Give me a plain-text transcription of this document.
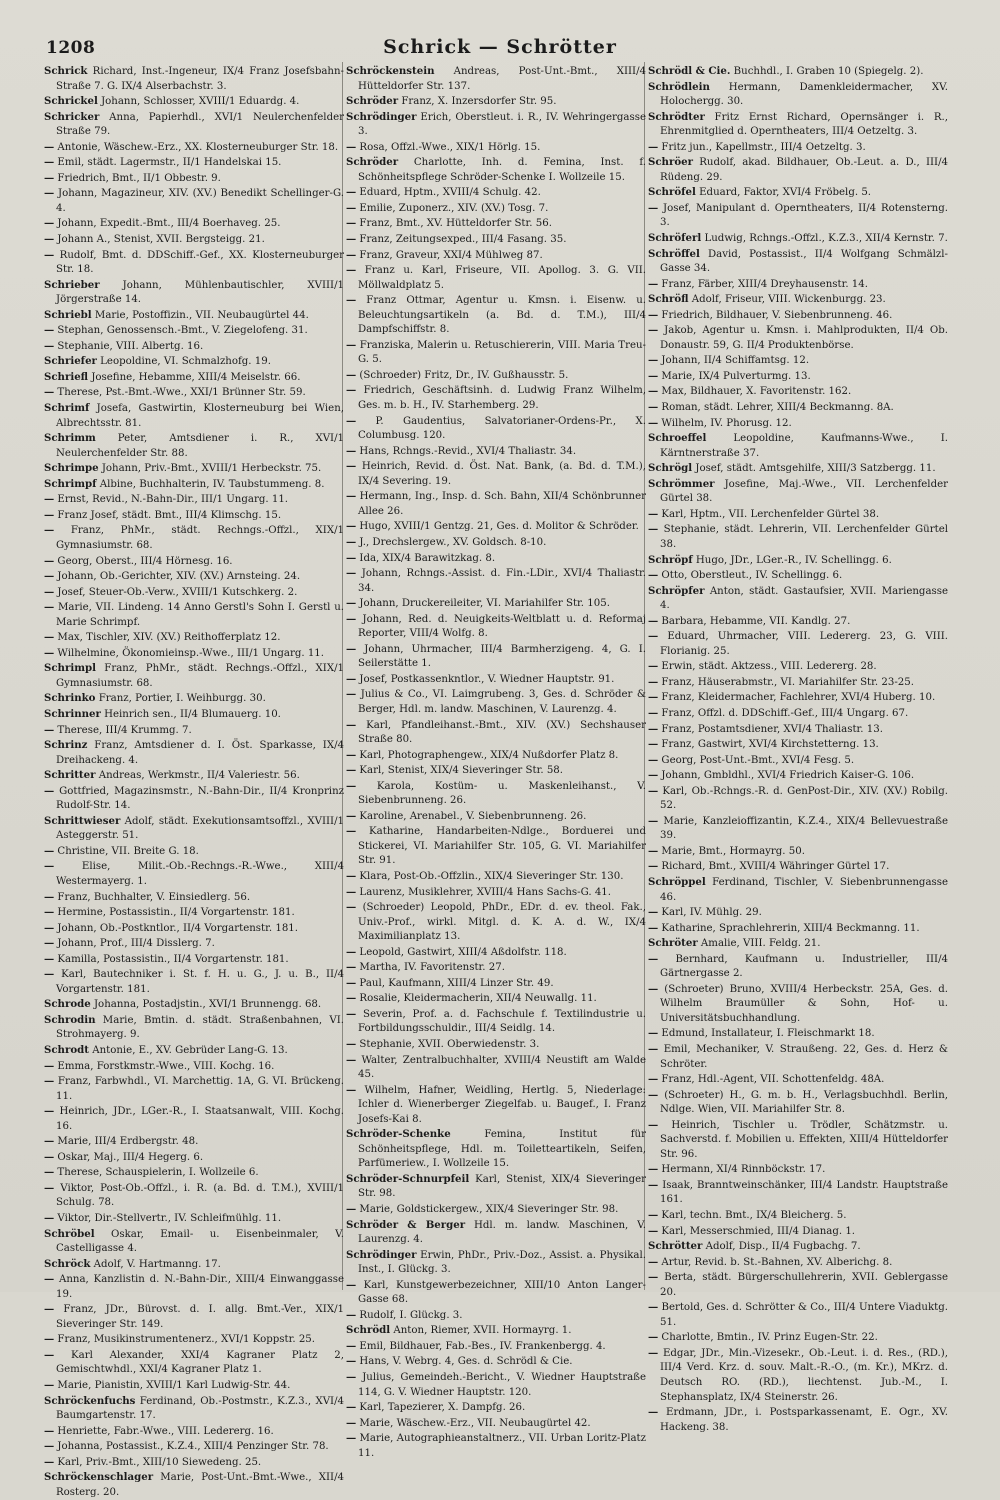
1208	Schrick — Schrötter

Schrick Richard, Inst.-Ingeneur, IX/4 Franz Josefsbahn-Straße 7. G. IX/4 Alserbachstr. 3.

Schrickel Johann, Schlosser, XVIII/1 Eduardg. 4.

Schricker Anna, Papierhdl., XVI/1 Neulerchenfelder Straße 79.

— Antonie, Wäschew.-Erz., XX. Klosterneuburger Str. 18.

— Emil, städt. Lagermstr., II/1 Handelskai 15.

— Friedrich, Bmt., II/1 Obbestr. 9.

— Johann, Magazineur, XIV. (XV.) Benedikt Schellinger-G. 4.

— Johann, Expedit.-Bmt., III/4 Boerhaveg. 25.

— Johann A., Stenist, XVII. Bergsteigg. 21.

— Rudolf, Bmt. d. DDSchiff.-Gef., XX. Klosterneuburger Str. 18.

Schrieber Johann, Mühlenbautischler, XVIII/1 Jörgerstraße 14.

Schriebl Marie, Postoffizin., VII. Neubaugürtel 44.

— Stephan, Genossensch.-Bmt., V. Ziegelofeng. 31.

— Stephanie, VIII. Albertg. 16.

Schriefer Leopoldine, VI. Schmalzhofg. 19.

Schriefl Josefine, Hebamme, XIII/4 Meiselstr. 66.

— Therese, Pst.-Bmt.-Wwe., XXI/1 Brünner Str. 59.

Schrimf Josefa, Gastwirtin, Klosterneuburg bei Wien, Albrechtsstr. 81.

Schrimm Peter, Amtsdiener i. R., XVI/1 Neulerchenfelder Str. 88.

Schrimpe Johann, Priv.-Bmt., XVIII/1 Herbeckstr. 75.

Schrimpf Albine, Buchhalterin, IV. Taubstummeng. 8.

— Ernst, Revid., N.-Bahn-Dir., III/1 Ungarg. 11.

— Franz Josef, städt. Bmt., III/4 Klimschg. 15.

— Franz, PhMr., städt. Rechngs.-Offzl., XIX/1 Gymnasiumstr. 68.

— Georg, Oberst., III/4 Hörnesg. 16.

— Johann, Ob.-Gerichter, XIV. (XV.) Arnsteing. 24.

— Josef, Steuer-Ob.-Verw., XVIII/1 Kutschkerg. 2.

— Marie, VII. Lindeng. 14 Anno Gerstl's Sohn I. Gerstl u. Marie Schrimpf.

— Max, Tischler, XIV. (XV.) Reithofferplatz 12.

— Wilhelmine, Ökonomieinsp.-Wwe., III/1 Ungarg. 11.

Schrimpl Franz, PhMr., städt. Rechngs.-Offzl., XIX/1 Gymnasiumstr. 68.

Schrinko Franz, Portier, I. Weihburgg. 30.

Schrinner Heinrich sen., II/4 Blumauerg. 10.

— Therese, III/4 Krummg. 7.

Schrinz Franz, Amtsdiener d. I. Öst. Sparkasse, IX/4 Dreihackeng. 4.

Schritter Andreas, Werkmstr., II/4 Valeriestr. 56.

— Gottfried, Magazinsmstr., N.-Bahn-Dir., II/4 Kronprinz Rudolf-Str. 14.

Schrittwieser Adolf, städt. Exekutionsamtsoffzl., XVIII/1 Asteggerstr. 51.

— Christine, VII. Breite G. 18.

— Elise, Milit.-Ob.-Rechngs.-R.-Wwe., XIII/4 Westermayerg. 1.

— Franz, Buchhalter, V. Einsiedlerg. 56.

— Hermine, Postassistin., II/4 Vorgartenstr. 181.

— Johann, Ob.-Postkntlor., II/4 Vorgartenstr. 181.

— Johann, Prof., III/4 Disslerg. 7.

— Kamilla, Postassistin., II/4 Vorgartenstr. 181.

— Karl, Bautechniker i. St. f. H. u. G., J. u. B., II/4 Vorgartenstr. 181.

Schrode Johanna, Postadjstin., XVI/1 Brunnengg. 68.

Schrodin Marie, Bmtin. d. städt. Straßenbahnen, VI. Strohmayerg. 9.

Schrodt Antonie, E., XV. Gebrüder Lang-G. 13.

— Emma, Forstkmstr.-Wwe., VIII. Kochg. 16.

— Franz, Farbwhdl., VI. Marchettig. 1A, G. VI. Brückeng. 11.

— Heinrich, JDr., LGer.-R., I. Staatsanwalt, VIII. Kochg. 16.

— Marie, III/4 Erdbergstr. 48.

— Oskar, Maj., III/4 Hegerg. 6.

— Therese, Schauspielerin, I. Wollzeile 6.

— Viktor, Post-Ob.-Offzl., i. R. (a. Bd. d. T.M.), XVIII/1 Schulg. 78.

— Viktor, Dir.-Stellvertr., IV. Schleifmühlg. 11.

Schröbel Oskar, Email- u. Eisenbeinmaler, V. Castelligasse 4.

Schröck Adolf, V. Hartmanng. 17.

— Anna, Kanzlistin d. N.-Bahn-Dir., XIII/4 Einwanggasse 19.

— Franz, JDr., Bürovst. d. I. allg. Bmt.-Ver., XIX/1 Sieveringer Str. 149.

— Franz, Musikinstrumentenerz., XVI/1 Koppstr. 25.

— Karl Alexander, XXI/4 Kagraner Platz 2, Gemischtwhdl., XXI/4 Kagraner Platz 1.

— Marie, Pianistin, XVIII/1 Karl Ludwig-Str. 44.

Schröckenfuchs Ferdinand, Ob.-Postmstr., K.Z.3., XVI/4 Baumgartenstr. 17.

— Henriette, Fabr.-Wwe., VIII. Ledererg. 16.

— Johanna, Postassist., K.Z.4., XIII/4 Penzinger Str. 78.

— Karl, Priv.-Bmt., XIII/10 Siewedeng. 25.

Schröckenschlager Marie, Post-Unt.-Bmt.-Wwe., XII/4 Rosterg. 20.

Schröckenstein Andreas, Post-Unt.-Bmt., XIII/4 Hütteldorfer Str. 137.

Schröder Franz, X. Inzersdorfer Str. 95.

Schrödinger Erich, Oberstleut. i. R., IV. Wehringergasse 3.

— Rosa, Offzl.-Wwe., XIX/1 Hörlg. 15.

Schröder Charlotte, Inh. d. Femina, Inst. f. Schönheitspflege Schröder-Schenke I. Wollzeile 15.

— Eduard, Hptm., XVIII/4 Schulg. 42.

— Emilie, Zuponerz., XIV. (XV.) Tosg. 7.

— Franz, Bmt., XV. Hütteldorfer Str. 56.

— Franz, Zeitungsexped., III/4 Fasang. 35.

— Franz, Graveur, XXI/4 Mühlweg 87.

— Franz u. Karl, Friseure, VII. Apollog. 3. G. VII. Möllwaldplatz 5.

— Franz Ottmar, Agentur u. Kmsn. i. Eisenw. u. Beleuchtungsartikeln (a. Bd. d. T.M.), III/4 Dampfschiffstr. 8.

— Franziska, Malerin u. Retuschiererin, VIII. Maria Treu-G. 5.

— (Schroeder) Fritz, Dr., IV. Gußhausstr. 5.

— Friedrich, Geschäftsinh. d. Ludwig Franz Wilhelm, Ges. m. b. H., IV. Starhemberg. 29.

— P. Gaudentius, Salvatorianer-Ordens-Pr., X. Columbusg. 120.

— Hans, Rchngs.-Revid., XVI/4 Thaliastr. 34.

— Heinrich, Revid. d. Öst. Nat. Bank, (a. Bd. d. T.M.), IX/4 Severing. 19.

— Hermann, Ing., Insp. d. Sch. Bahn, XII/4 Schönbrunner Allee 26.

— Hugo, XVIII/1 Gentzg. 21, Ges. d. Molitor & Schröder.

— J., Drechslergew., XV. Goldsch. 8-10.

— Ida, XIX/4 Barawitzkag. 8.

— Johann, Rchngs.-Assist. d. Fin.-LDir., XVI/4 Thaliastr. 34.

— Johann, Druckereileiter, VI. Mariahilfer Str. 105.

— Johann, Red. d. Neuigkeits-Weltblatt u. d. Reformaj Reporter, VIII/4 Wolfg. 8.

— Johann, Uhrmacher, III/4 Barmherzigeng. 4, G. I. Seilerstätte 1.

— Josef, Postkassenkntlor., V. Wiedner Hauptstr. 91.

— Julius & Co., VI. Laimgrubeng. 3, Ges. d. Schröder & Berger, Hdl. m. landw. Maschinen, V. Laurenzg. 4.

— Karl, Pfandleihanst.-Bmt., XIV. (XV.) Sechshauser Straße 80.

— Karl, Photographengew., XIX/4 Nußdorfer Platz 8.

— Karl, Stenist, XIX/4 Sieveringer Str. 58.

— Karola, Kostüm- u. Maskenleihanst., V. Siebenbrunneng. 26.

— Karoline, Arenabel., V. Siebenbrunneng. 26.

— Katharine, Handarbeiten-Ndlge., Borduerei und Stickerei, VI. Mariahilfer Str. 105, G. VI. Mariahilfer Str. 91.

— Klara, Post-Ob.-Offzlin., XIX/4 Sieveringer Str. 130.

— Laurenz, Musiklehrer, XVIII/4 Hans Sachs-G. 41.

— (Schroeder) Leopold, PhDr., EDr. d. ev. theol. Fak., Univ.-Prof., wirkl. Mitgl. d. K. A. d. W., IX/4 Maximilianplatz 13.

— Leopold, Gastwirt, XIII/4 Aßdolfstr. 118.

— Martha, IV. Favoritenstr. 27.

— Paul, Kaufmann, XIII/4 Linzer Str. 49.

— Rosalie, Kleidermacherin, XII/4 Neuwallg. 11.

— Severin, Prof. a. d. Fachschule f. Textilindustrie u. Fortbildungsschuldir., III/4 Seidlg. 14.

— Stephanie, XVII. Oberwiedenstr. 3.

— Walter, Zentralbuchhalter, XVIII/4 Neustift am Walde 45.

— Wilhelm, Hafner, Weidling, Hertlg. 5, Niederlage: Ichler d. Wienerberger Ziegelfab. u. Baugef., I. Franz Josefs-Kai 8.

Schröder-Schenke Femina, Institut für Schönheitspflege, Hdl. m. Toiletteartikeln, Seifen, Parfümeriew., I. Wollzeile 15.

Schröder-Schnurpfeil Karl, Stenist, XIX/4 Sieveringer Str. 98.

— Marie, Goldstickergew., XIX/4 Sieveringer Str. 98.

Schröder & Berger Hdl. m. landw. Maschinen, V. Laurenzg. 4.

Schrödinger Erwin, PhDr., Priv.-Doz., Assist. a. Physikal. Inst., I. Glückg. 3.

— Karl, Kunstgewerbezeichner, XIII/10 Anton Langer-Gasse 68.

— Rudolf, I. Glückg. 3.

Schrödl Anton, Riemer, XVII. Hormayrg. 1.

— Emil, Bildhauer, Fab.-Bes., IV. Frankenbergg. 4.

— Hans, V. Webrg. 4, Ges. d. Schrödl & Cie.

— Julius, Gemeindeh.-Bericht., V. Wiedner Hauptstraße 114, G. V. Wiedner Hauptstr. 120.

— Karl, Tapezierer, X. Dampfg. 26.

— Marie, Wäschew.-Erz., VII. Neubaugürtel 42.

— Marie, Autographieanstaltnerz., VII. Urban Loritz-Platz 11.

Schrödl & Cie. Buchhdl., I. Graben 10 (Spiegelg. 2).

Schrödlein Hermann, Damenkleidermacher, XV. Holochergg. 30.

Schrödter Fritz Ernst Richard, Opernsänger i. R., Ehrenmitglied d. Operntheaters, III/4 Oetzeltg. 3.

— Fritz jun., Kapellmstr., III/4 Oetzeltg. 3.

Schröer Rudolf, akad. Bildhauer, Ob.-Leut. a. D., III/4 Rüdeng. 29.

Schröfel Eduard, Faktor, XVI/4 Fröbelg. 5.

— Josef, Manipulant d. Operntheaters, II/4 Rotensterng. 3.

Schröferl Ludwig, Rchngs.-Offzl., K.Z.3., XII/4 Kernstr. 7.

Schröffel David, Postassist., II/4 Wolfgang Schmälzl-Gasse 34.

— Franz, Färber, XIII/4 Dreyhausenstr. 14.

Schröfl Adolf, Friseur, VIII. Wickenburgg. 23.

— Friedrich, Bildhauer, V. Siebenbrunneng. 46.

— Jakob, Agentur u. Kmsn. i. Mahlprodukten, II/4 Ob. Donaustr. 59, G. II/4 Produktenbörse.

— Johann, II/4 Schiffamtsg. 12.

— Marie, IX/4 Pulverturmg. 13.

— Max, Bildhauer, X. Favoritenstr. 162.

— Roman, städt. Lehrer, XIII/4 Beckmanng. 8A.

— Wilhelm, IV. Phorusg. 12.

Schroeffel Leopoldine, Kaufmanns-Wwe., I. Kärntnerstraße 37.

Schrögl Josef, städt. Amtsgehilfe, XIII/3 Satzbergg. 11.

Schrömmer Josefine, Maj.-Wwe., VII. Lerchenfelder Gürtel 38.

— Karl, Hptm., VII. Lerchenfelder Gürtel 38.

— Stephanie, städt. Lehrerin, VII. Lerchenfelder Gürtel 38.

Schröpf Hugo, JDr., LGer.-R., IV. Schellingg. 6.

— Otto, Oberstleut., IV. Schellingg. 6.

Schröpfer Anton, städt. Gastaufsier, XVII. Mariengasse 4.

— Barbara, Hebamme, VII. Kandlg. 27.

— Eduard, Uhrmacher, VIII. Ledererg. 23, G. VIII. Florianig. 25.

— Erwin, städt. Aktzess., VIII. Ledererg. 28.

— Franz, Häuserabmstr., VI. Mariahilfer Str. 23-25.

— Franz, Kleidermacher, Fachlehrer, XVI/4 Huberg. 10.

— Franz, Offzl. d. DDSchiff.-Gef., III/4 Ungarg. 67.

— Franz, Postamtsdiener, XVI/4 Thaliastr. 13.

— Franz, Gastwirt, XVI/4 Kirchstetterng. 13.

— Georg, Post-Unt.-Bmt., XVI/4 Fesg. 5.

— Johann, Gmbldhl., XVI/4 Friedrich Kaiser-G. 106.

— Karl, Ob.-Rchngs.-R. d. GenPost-Dir., XIV. (XV.) Robilg. 52.

— Marie, Kanzleioffizantin, K.Z.4., XIX/4 Bellevuestraße 39.

— Marie, Bmt., Hormayrg. 50.

— Richard, Bmt., XVIII/4 Währinger Gürtel 17.

Schröppel Ferdinand, Tischler, V. Siebenbrunnengasse 46.

— Karl, IV. Mühlg. 29.

— Katharine, Sprachlehrerin, XIII/4 Beckmanng. 11.

Schröter Amalie, VIII. Feldg. 21.

— Bernhard, Kaufmann u. Industrieller, III/4 Gärtnergasse 2.

— (Schroeter) Bruno, XVIII/4 Herbeckstr. 25A, Ges. d. Wilhelm Braumüller & Sohn, Hof- u. Universitätsbuchhandlung.

— Edmund, Installateur, I. Fleischmarkt 18.

— Emil, Mechaniker, V. Straußeng. 22, Ges. d. Herz & Schröter.

— Franz, Hdl.-Agent, VII. Schottenfeldg. 48A.

— (Schroeter) H., G. m. b. H., Verlagsbuchhdl. Berlin, Ndlge. Wien, VII. Mariahilfer Str. 8.

— Heinrich, Tischler u. Trödler, Schätzmstr. u. Sachverstd. f. Mobilien u. Effekten, XIII/4 Hütteldorfer Str. 96.

— Hermann, XI/4 Rinnböckstr. 17.

— Isaak, Branntweinschänker, III/4 Landstr. Hauptstraße 161.

— Karl, techn. Bmt., IX/4 Bleicherg. 5.

— Karl, Messerschmied, III/4 Dianag. 1.

Schrötter Adolf, Disp., II/4 Fugbachg. 7.

— Artur, Revid. b. St.-Bahnen, XV. Alberichg. 8.

— Berta, städt. Bürgerschullehrerin, XVII. Geblergasse 20.

— Bertold, Ges. d. Schrötter & Co., III/4 Untere Viaduktg. 51.

— Charlotte, Bmtin., IV. Prinz Eugen-Str. 22.

— Edgar, JDr., Min.-Vizesekr., Ob.-Leut. i. d. Res., (RD.), III/4 Verd. Krz. d. souv. Malt.-R.-O., (m. Kr.), MKrz. d. Deutsch RO. (RD.), liechtenst. Jub.-M., I. Stephansplatz, IX/4 Steinerstr. 26.

— Erdmann, JDr., i. Postsparkassenamt, E. Ogr., XV. Hackeng. 38.
